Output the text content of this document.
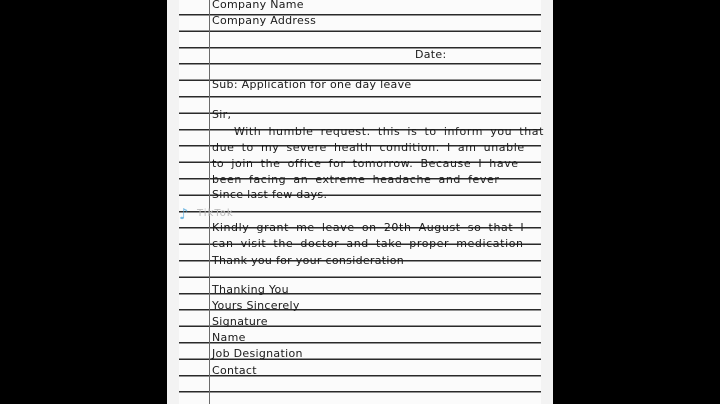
Company Name
Company Address
Date:
Sub: Application for one day leave
Sir,
With humble request. this is to inform you that
due to my severe health condition. I am unable
to join the office for tomorrow. Because I have
been facing an extreme headache and fever
Since last few days.
Kindly grant me leave on 20th August so that I
can visit the doctor and take proper medication
Thank you for your consideration
Thanking You
Yours Sincerely
Signature
Name
Job Designation
Contact
♪ TikTok
